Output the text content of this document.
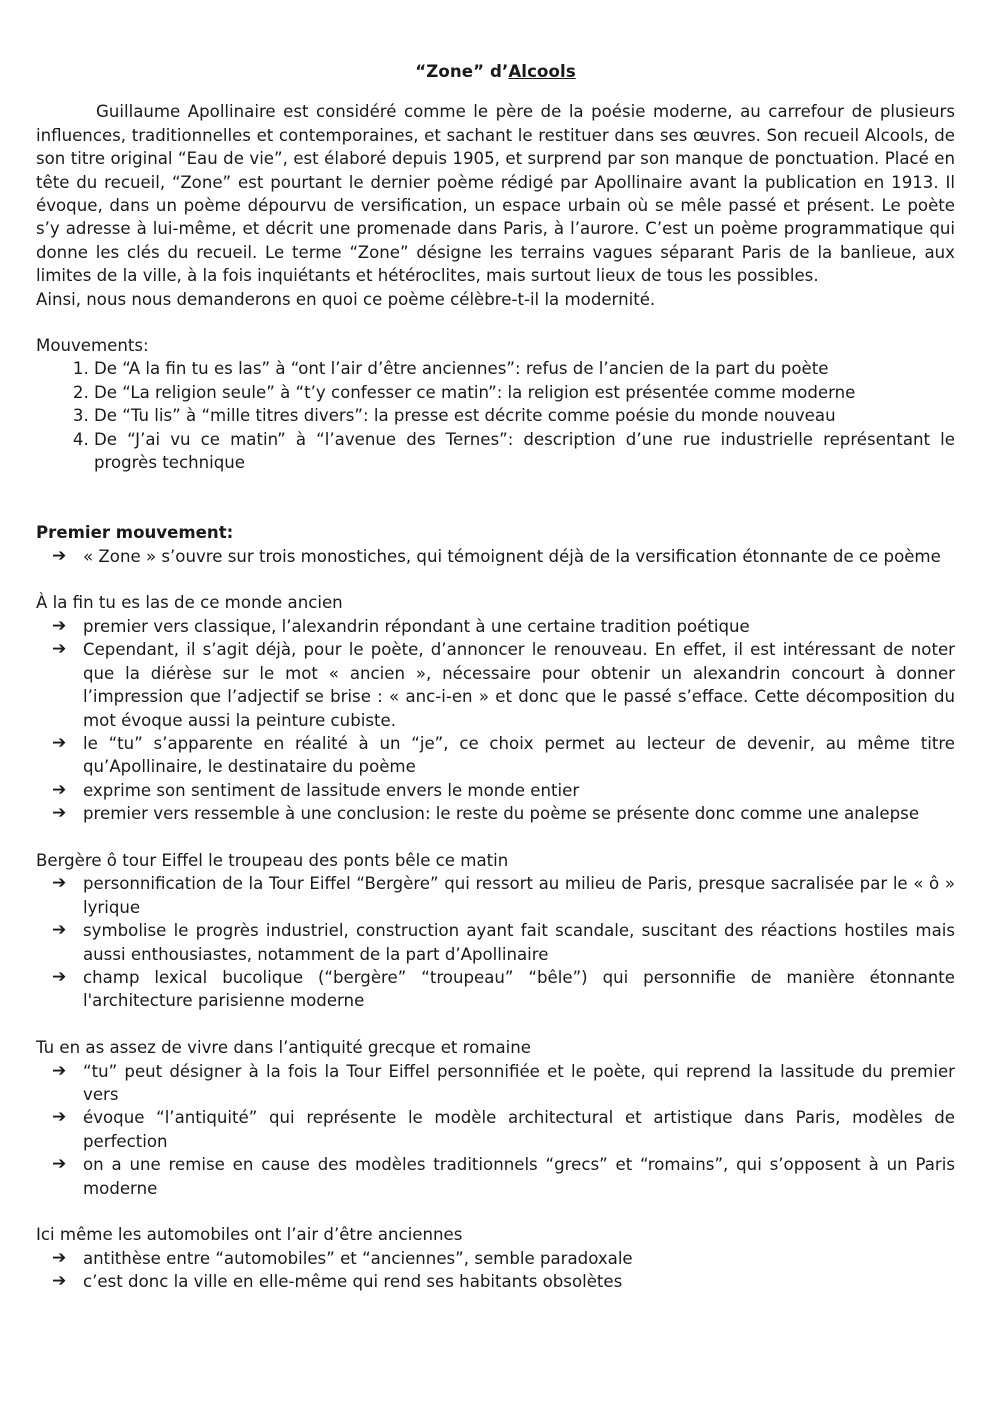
“Zone” d’Alcools

Guillaume Apollinaire est considéré comme le père de la poésie moderne, au carrefour de plusieurs influences, traditionnelles et contemporaines, et sachant le restituer dans ses œuvres. Son recueil Alcools, de son titre original “Eau de vie”, est élaboré depuis 1905, et surprend par son manque de ponctuation. Placé en tête du recueil, “Zone” est pourtant le dernier poème rédigé par Apollinaire avant la publication en 1913. Il évoque, dans un poème dépourvu de versification, un espace urbain où se mêle passé et présent. Le poète s’y adresse à lui-même, et décrit une promenade dans Paris, à l’aurore. C’est un poème programmatique qui donne les clés du recueil. Le terme “Zone” désigne les terrains vagues séparant Paris de la banlieue, aux limites de la ville, à la fois inquiétants et hétéroclites, mais surtout lieux de tous les possibles.

Ainsi, nous nous demanderons en quoi ce poème célèbre-t-il la modernité.

Mouvements:

1. De “A la fin tu es las” à “ont l’air d’être anciennes”: refus de l’ancien de la part du poète
2. De “La religion seule” à “t’y confesser ce matin”: la religion est présentée comme moderne
3. De “Tu lis” à “mille titres divers”: la presse est décrite comme poésie du monde nouveau
4. De “J’ai vu ce matin” à “l’avenue des Ternes”: description d’une rue industrielle représentant le progrès technique

Premier mouvement:

➔ « Zone » s’ouvre sur trois monostiches, qui témoignent déjà de la versification étonnante de ce poème

À la fin tu es las de ce monde ancien

➔ premier vers classique, l’alexandrin répondant à une certaine tradition poétique
➔ Cependant, il s’agit déjà, pour le poète, d’annoncer le renouveau. En effet, il est intéressant de noter que la diérèse sur le mot « ancien », nécessaire pour obtenir un alexandrin concourt à donner l’impression que l’adjectif se brise : « anc-i-en » et donc que le passé s’efface. Cette décomposition du mot évoque aussi la peinture cubiste.
➔ le “tu” s’apparente en réalité à un “je”, ce choix permet au lecteur de devenir, au même titre qu’Apollinaire, le destinataire du poème
➔ exprime son sentiment de lassitude envers le monde entier
➔ premier vers ressemble à une conclusion: le reste du poème se présente donc comme une analepse

Bergère ô tour Eiffel le troupeau des ponts bêle ce matin

➔ personnification de la Tour Eiffel “Bergère” qui ressort au milieu de Paris, presque sacralisée par le « ô » lyrique
➔ symbolise le progrès industriel, construction ayant fait scandale, suscitant des réactions hostiles mais aussi enthousiastes, notamment de la part d’Apollinaire
➔ champ lexical bucolique (“bergère” “troupeau” “bêle”) qui personnifie de manière étonnante l'architecture parisienne moderne

Tu en as assez de vivre dans l’antiquité grecque et romaine

➔ “tu” peut désigner à la fois la Tour Eiffel personnifiée et le poète, qui reprend la lassitude du premier vers
➔ évoque “l’antiquité” qui représente le modèle architectural et artistique dans Paris, modèles de perfection
➔ on a une remise en cause des modèles traditionnels “grecs” et “romains”, qui s’opposent à un Paris moderne

Ici même les automobiles ont l’air d’être anciennes

➔ antithèse entre “automobiles” et “anciennes”, semble paradoxale
➔ c’est donc la ville en elle-même qui rend ses habitants obsolètes
